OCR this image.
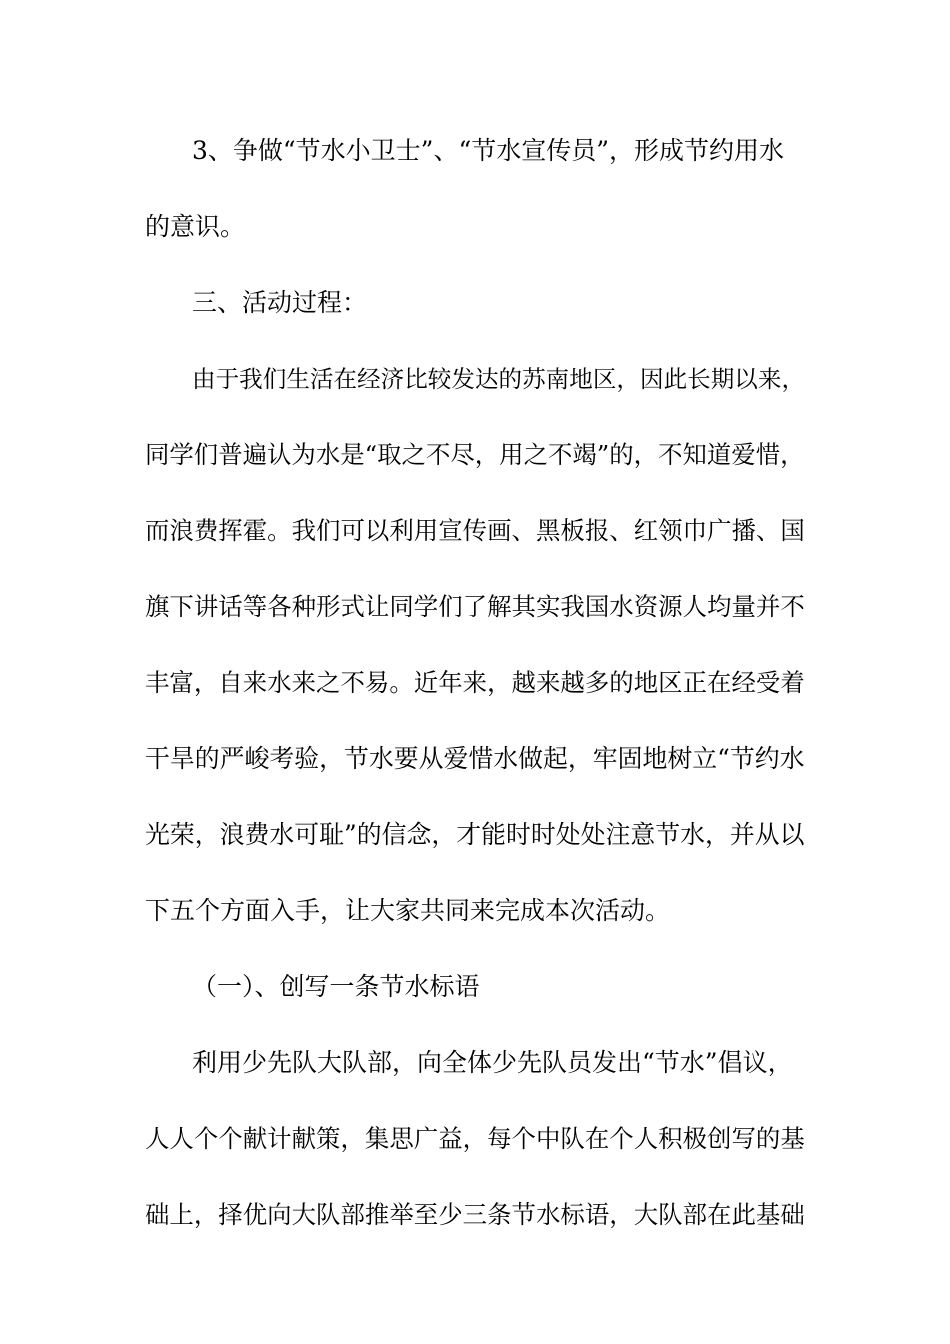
3、争做“节水小卫士”、“节水宣传员”，形成节约用水
的意识。
三、活动过程：
由于我们生活在经济比较发达的苏南地区，因此长期以来，
同学们普遍认为水是“取之不尽，用之不竭”的，不知道爱惜，
而浪费挥霍。我们可以利用宣传画、黑板报、红领巾广播、国
旗下讲话等各种形式让同学们了解其实我国水资源人均量并不
丰富，自来水来之不易。近年来，越来越多的地区正在经受着
干旱的严峻考验，节水要从爱惜水做起，牢固地树立“节约水
光荣，浪费水可耻”的信念，才能时时处处注意节水，并从以
下五个方面入手，让大家共同来完成本次活动。
（一）、创写一条节水标语
利用少先队大队部，向全体少先队员发出“节水”倡议，
人人个个献计献策，集思广益，每个中队在个人积极创写的基
础上，择优向大队部推举至少三条节水标语，大队部在此基础
